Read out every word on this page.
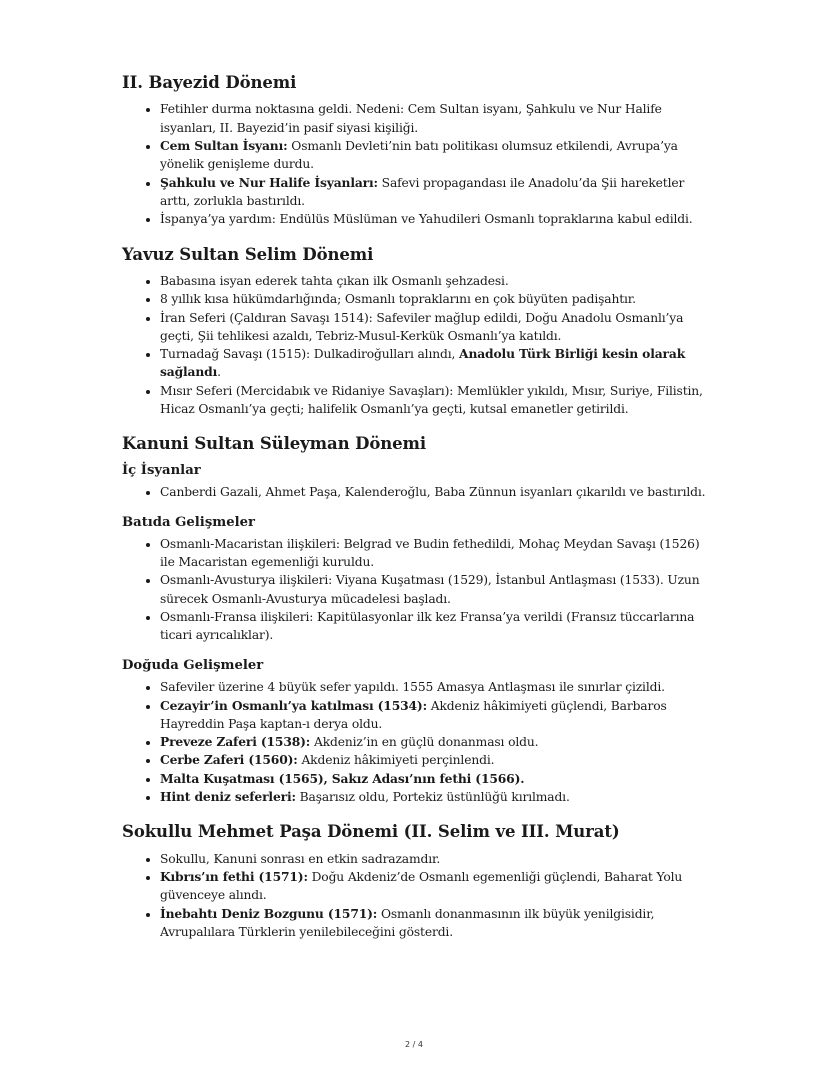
II. Bayezid Dönemi
• Fetihler durma noktasına geldi. Nedeni: Cem Sultan isyanı, Şahkulu ve Nur Halife isyanları, II. Bayezid’in pasif siyasi kişiliği.
• Cem Sultan İsyanı: Osmanlı Devleti’nin batı politikası olumsuz etkilendi, Avrupa’ya yönelik genişleme durdu.
• Şahkulu ve Nur Halife İsyanları: Safevi propagandası ile Anadolu’da Şii hareketler arttı, zorlukla bastırıldı.
• İspanya’ya yardım: Endülüs Müslüman ve Yahudileri Osmanlı topraklarına kabul edildi.
Yavuz Sultan Selim Dönemi
• Babasına isyan ederek tahta çıkan ilk Osmanlı şehzadesi.
• 8 yıllık kısa hükümdarlığında; Osmanlı topraklarını en çok büyüten padişahtır.
• İran Seferi (Çaldıran Savaşı 1514): Safeviler mağlup edildi, Doğu Anadolu Osmanlı’ya geçti, Şii tehlikesi azaldı, Tebriz-Musul-Kerkük Osmanlı’ya katıldı.
• Turnadağ Savaşı (1515): Dulkadiroğulları alındı, Anadolu Türk Birliği kesin olarak sağlandı.
• Mısır Seferi (Mercidabık ve Ridaniye Savaşları): Memlükler yıkıldı, Mısır, Suriye, Filistin, Hicaz Osmanlı’ya geçti; halifelik Osmanlı’ya geçti, kutsal emanetler getirildi.
Kanuni Sultan Süleyman Dönemi
İç İsyanlar
• Canberdi Gazali, Ahmet Paşa, Kalenderoğlu, Baba Zünnun isyanları çıkarıldı ve bastırıldı.
Batıda Gelişmeler
• Osmanlı-Macaristan ilişkileri: Belgrad ve Budin fethedildi, Mohaç Meydan Savaşı (1526) ile Macaristan egemenliği kuruldu.
• Osmanlı-Avusturya ilişkileri: Viyana Kuşatması (1529), İstanbul Antlaşması (1533). Uzun sürecek Osmanlı-Avusturya mücadelesi başladı.
• Osmanlı-Fransa ilişkileri: Kapitülasyonlar ilk kez Fransa’ya verildi (Fransız tüccarlarına ticari ayrıcalıklar).
Doğuda Gelişmeler
• Safeviler üzerine 4 büyük sefer yapıldı. 1555 Amasya Antlaşması ile sınırlar çizildi.
• Cezayir’in Osmanlı’ya katılması (1534): Akdeniz hâkimiyeti güçlendi, Barbaros Hayreddin Paşa kaptan-ı derya oldu.
• Preveze Zaferi (1538): Akdeniz’in en güçlü donanması oldu.
• Cerbe Zaferi (1560): Akdeniz hâkimiyeti perçinlendi.
• Malta Kuşatması (1565), Sakız Adası’nın fethi (1566).
• Hint deniz seferleri: Başarısız oldu, Portekiz üstünlüğü kırılmadı.
Sokullu Mehmet Paşa Dönemi (II. Selim ve III. Murat)
• Sokullu, Kanuni sonrası en etkin sadrazamdır.
• Kıbrıs’ın fethi (1571): Doğu Akdeniz’de Osmanlı egemenliği güçlendi, Baharat Yolu güvenceye alındı.
• İnebahtı Deniz Bozgunu (1571): Osmanlı donanmasının ilk büyük yenilgisidir, Avrupalılara Türklerin yenilebileceğini gösterdi.
2 / 4
